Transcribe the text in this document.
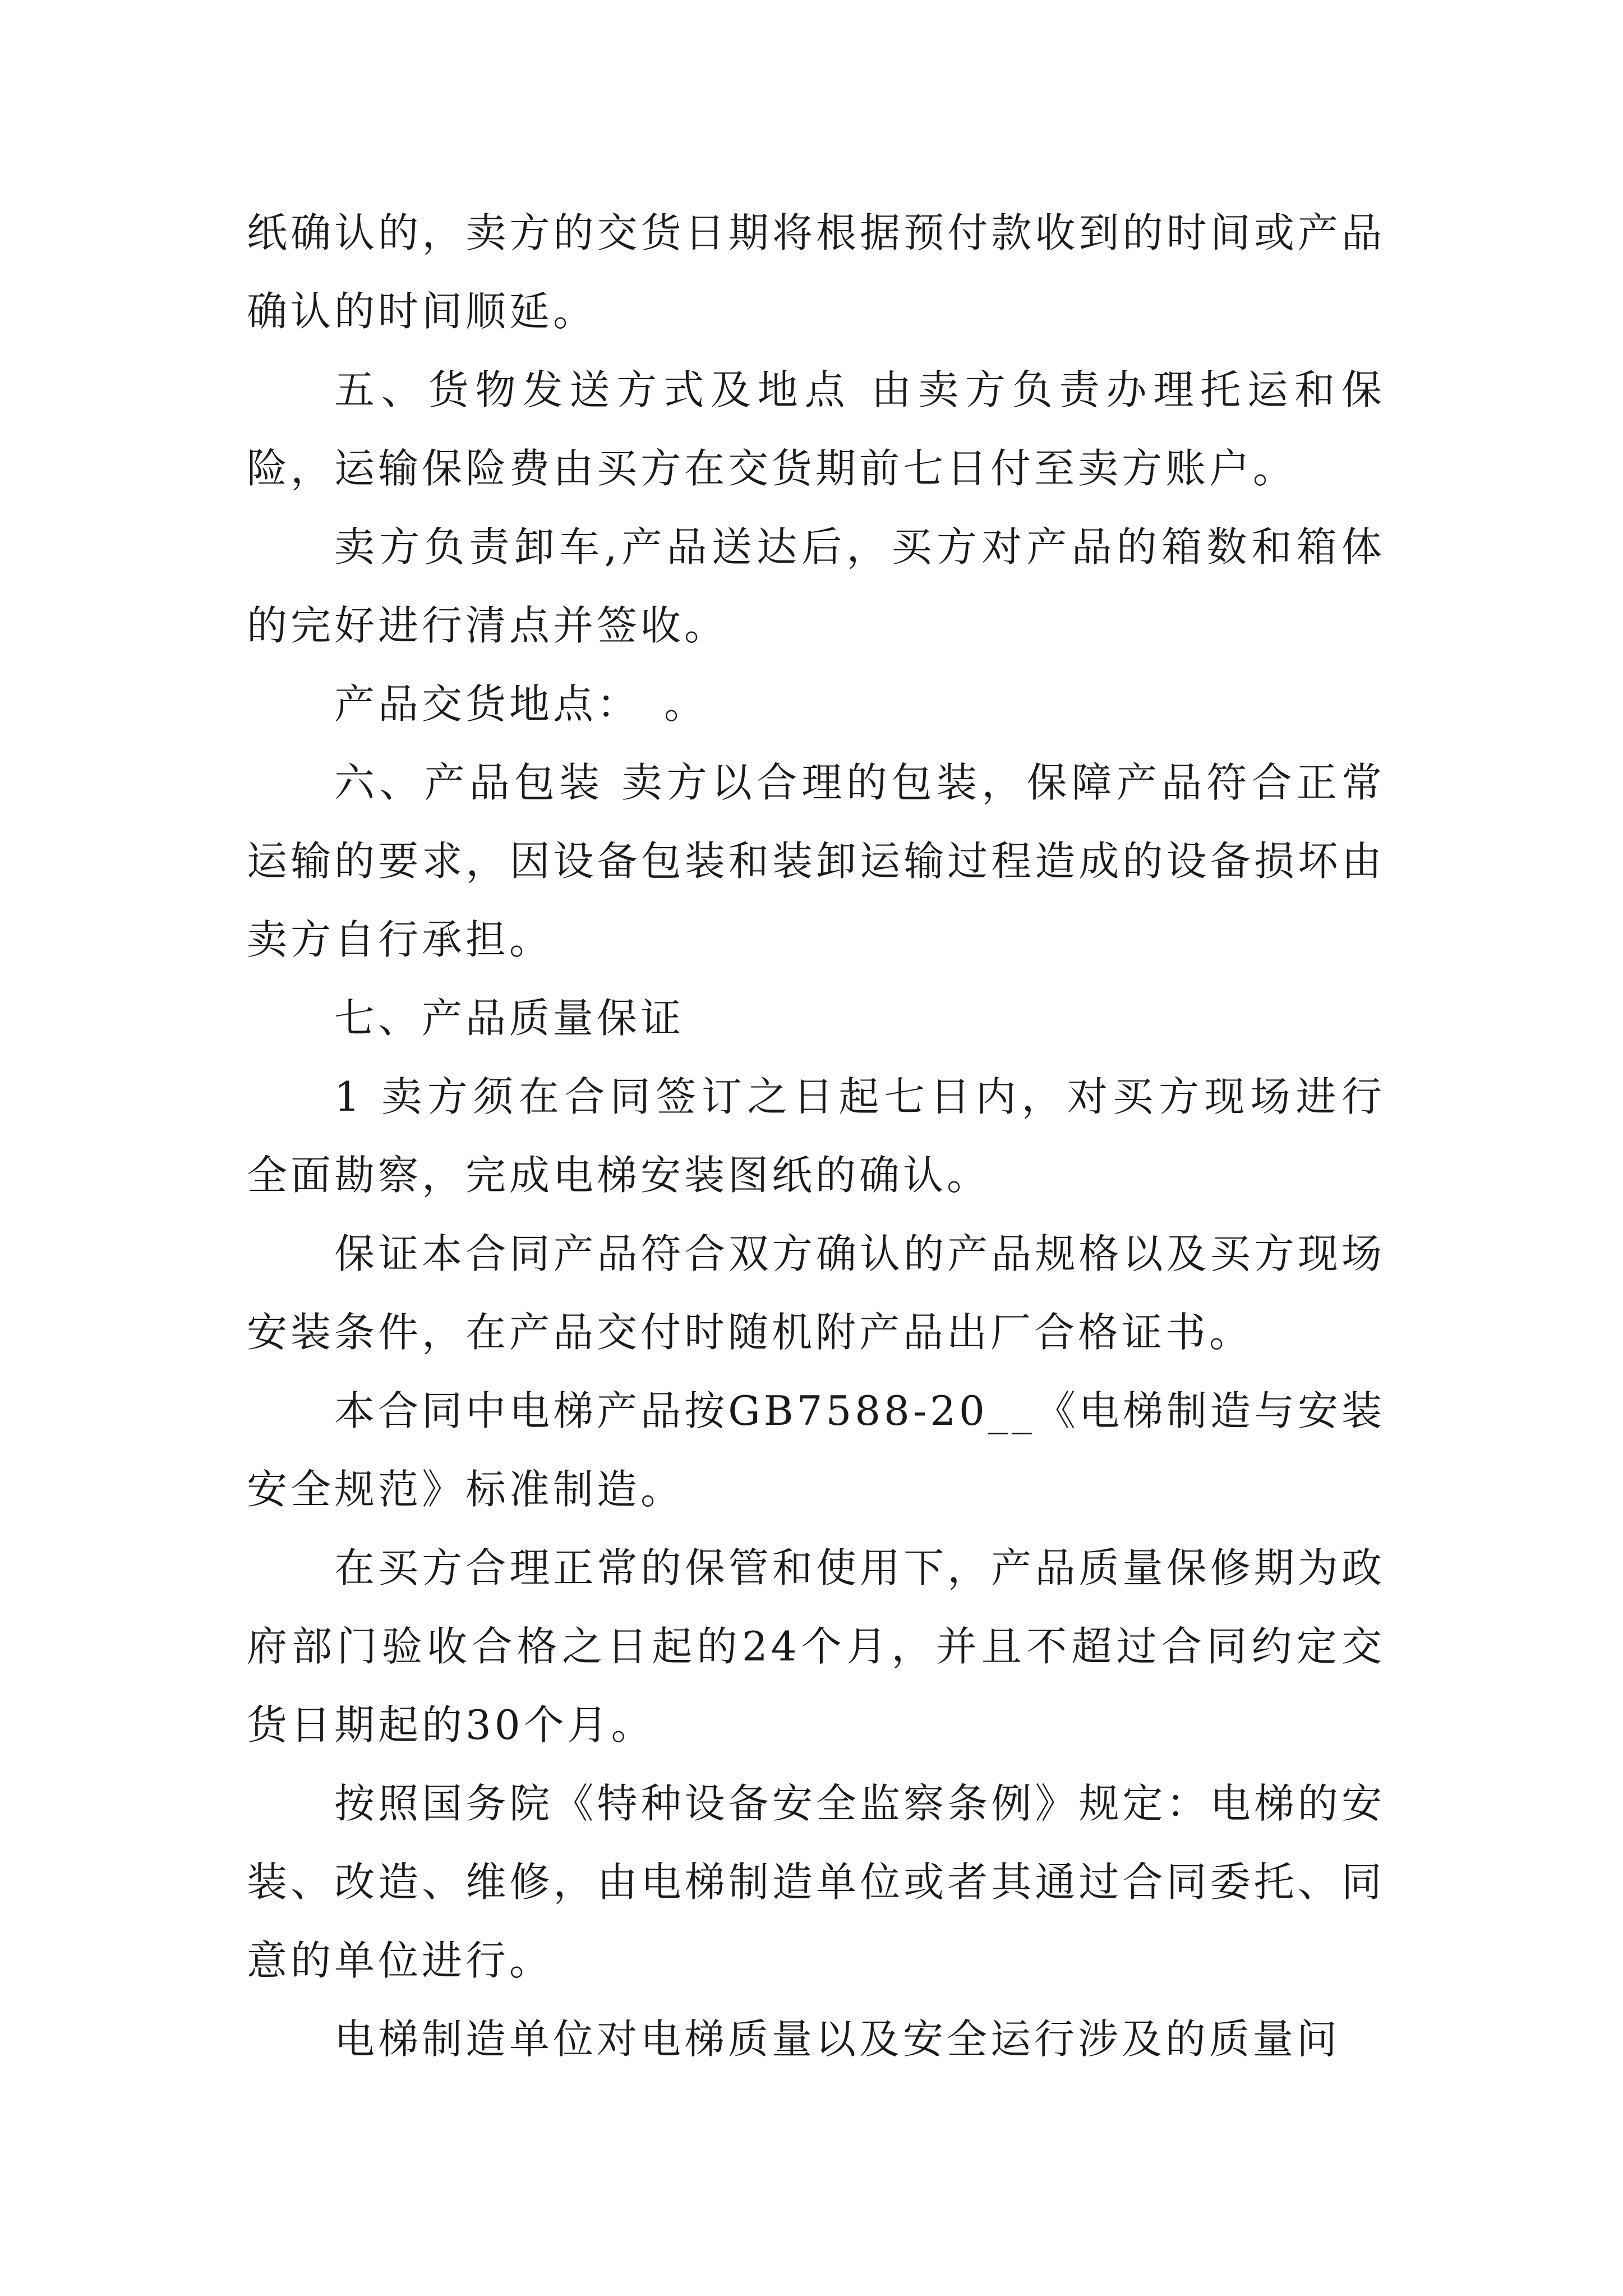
纸确认的，卖方的交货日期将根据预付款收到的时间或产品确认的时间顺延。

五、货物发送方式及地点 由卖方负责办理托运和保险，运输保险费由买方在交货期前七日付至卖方账户。

卖方负责卸车,产品送达后，买方对产品的箱数和箱体的完好进行清点并签收。

产品交货地点：　。

六、产品包装 卖方以合理的包装，保障产品符合正常运输的要求，因设备包装和装卸运输过程造成的设备损坏由卖方自行承担。

七、产品质量保证

1 卖方须在合同签订之日起七日内，对买方现场进行全面勘察，完成电梯安装图纸的确认。

保证本合同产品符合双方确认的产品规格以及买方现场安装条件，在产品交付时随机附产品出厂合格证书。

本合同中电梯产品按GB7588-20__《电梯制造与安装安全规范》标准制造。

在买方合理正常的保管和使用下，产品质量保修期为政府部门验收合格之日起的24个月，并且不超过合同约定交货日期起的30个月。

按照国务院《特种设备安全监察条例》规定：电梯的安装、改造、维修，由电梯制造单位或者其通过合同委托、同意的单位进行。

电梯制造单位对电梯质量以及安全运行涉及的质量问
